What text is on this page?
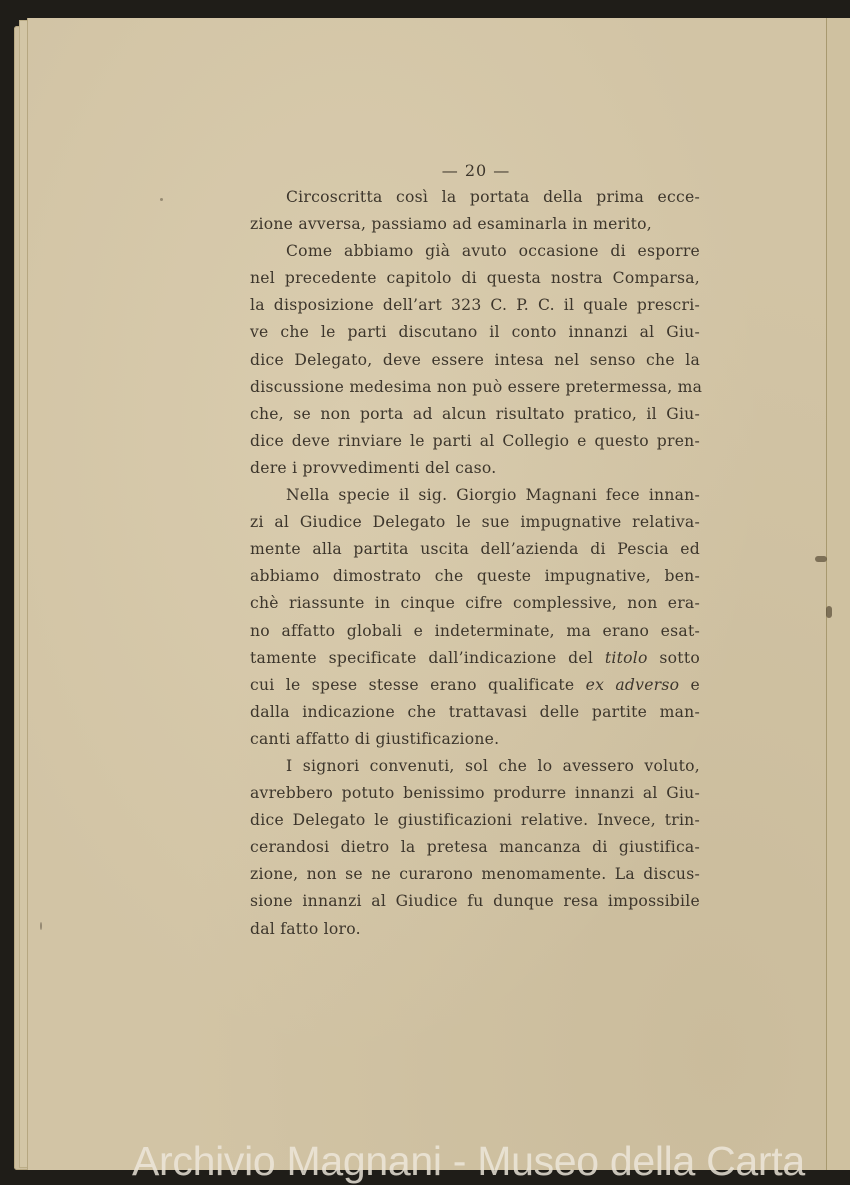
— 20 —
Circoscritta così la portata della prima ecce-
zione avversa, passiamo ad esaminarla in merito,
Come abbiamo già avuto occasione di esporre
nel precedente capitolo di questa nostra Comparsa,
la disposizione dell’art 323 C. P. C. il quale prescri-
ve che le parti discutano il conto innanzi al Giu-
dice Delegato, deve essere intesa nel senso che la
discussione medesima non può essere pretermessa, ma
che, se non porta ad alcun risultato pratico, il Giu-
dice deve rinviare le parti al Collegio e questo pren-
dere i provvedimenti del caso.
Nella specie il sig. Giorgio Magnani fece innan-
zi al Giudice Delegato le sue impugnative relativa-
mente alla partita uscita dell’azienda di Pescia ed
abbiamo dimostrato che queste impugnative, ben-
chè riassunte in cinque cifre complessive, non era-
no affatto globali e indeterminate, ma erano esat-
tamente specificate dall’indicazione del titolo sotto
cui le spese stesse erano qualificate ex adverso e
dalla indicazione che trattavasi delle partite man-
canti affatto di giustificazione.
I signori convenuti, sol che lo avessero voluto,
avrebbero potuto benissimo produrre innanzi al Giu-
dice Delegato le giustificazioni relative. Invece, trin-
cerandosi dietro la pretesa mancanza di giustifica-
zione, non se ne curarono menomamente. La discus-
sione innanzi al Giudice fu dunque resa impossibile
dal fatto loro.
Archivio Magnani - Museo della Carta
